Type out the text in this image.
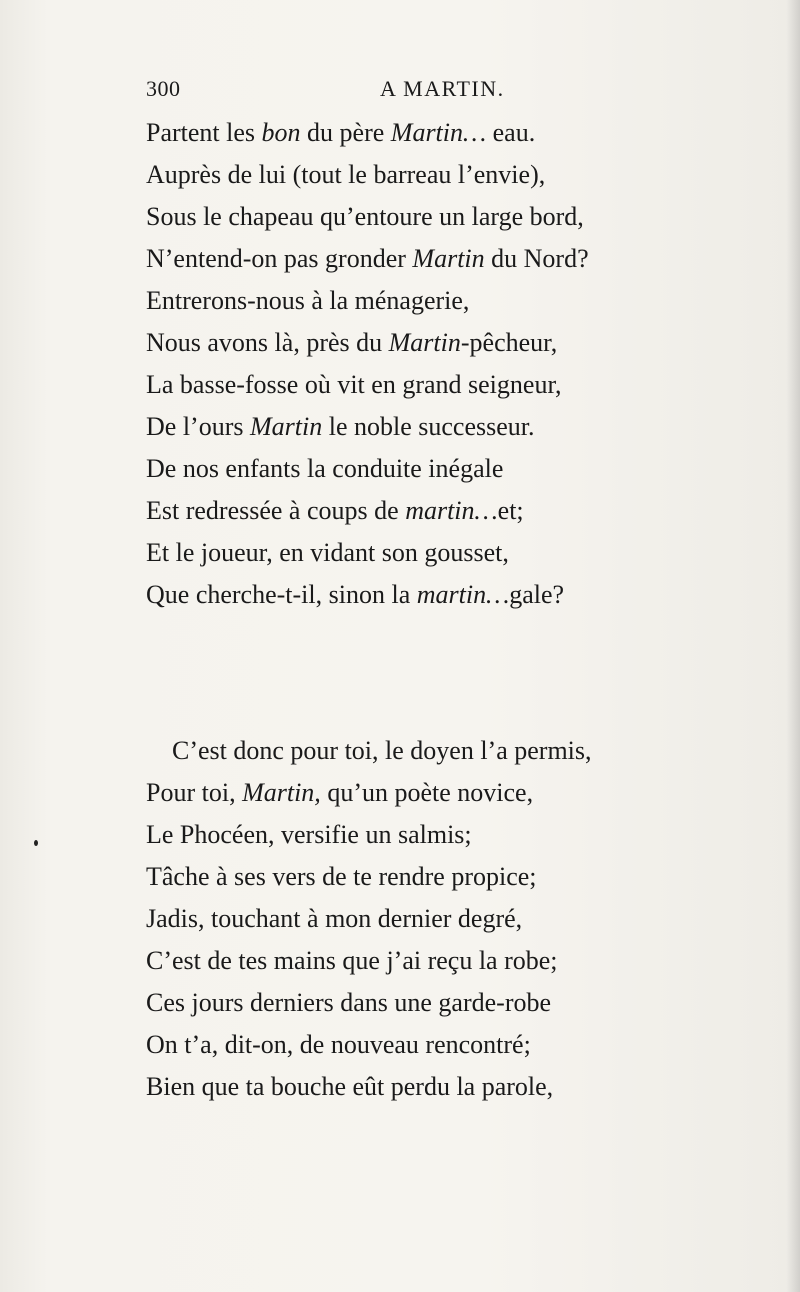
300	A MARTIN.
Partent les bon du père Martin… eau.
Auprès de lui (tout le barreau l’envie),
Sous le chapeau qu’entoure un large bord,
N’entend-on pas gronder Martin du Nord?
Entrerons-nous à la ménagerie,
Nous avons là, près du Martin-pêcheur,
La basse-fosse où vit en grand seigneur,
De l’ours Martin le noble successeur.
De nos enfants la conduite inégale
Est redressée à coups de martin…et;
Et le joueur, en vidant son gousset,
Que cherche-t-il, sinon la martin…gale?
C’est donc pour toi, le doyen l’a permis,
Pour toi, Martin, qu’un poète novice,
Le Phocéen, versifie un salmis;
Tâche à ses vers de te rendre propice;
Jadis, touchant à mon dernier degré,
C’est de tes mains que j’ai reçu la robe;
Ces jours derniers dans une garde-robe
On t’a, dit-on, de nouveau rencontré;
Bien que ta bouche eût perdu la parole,
